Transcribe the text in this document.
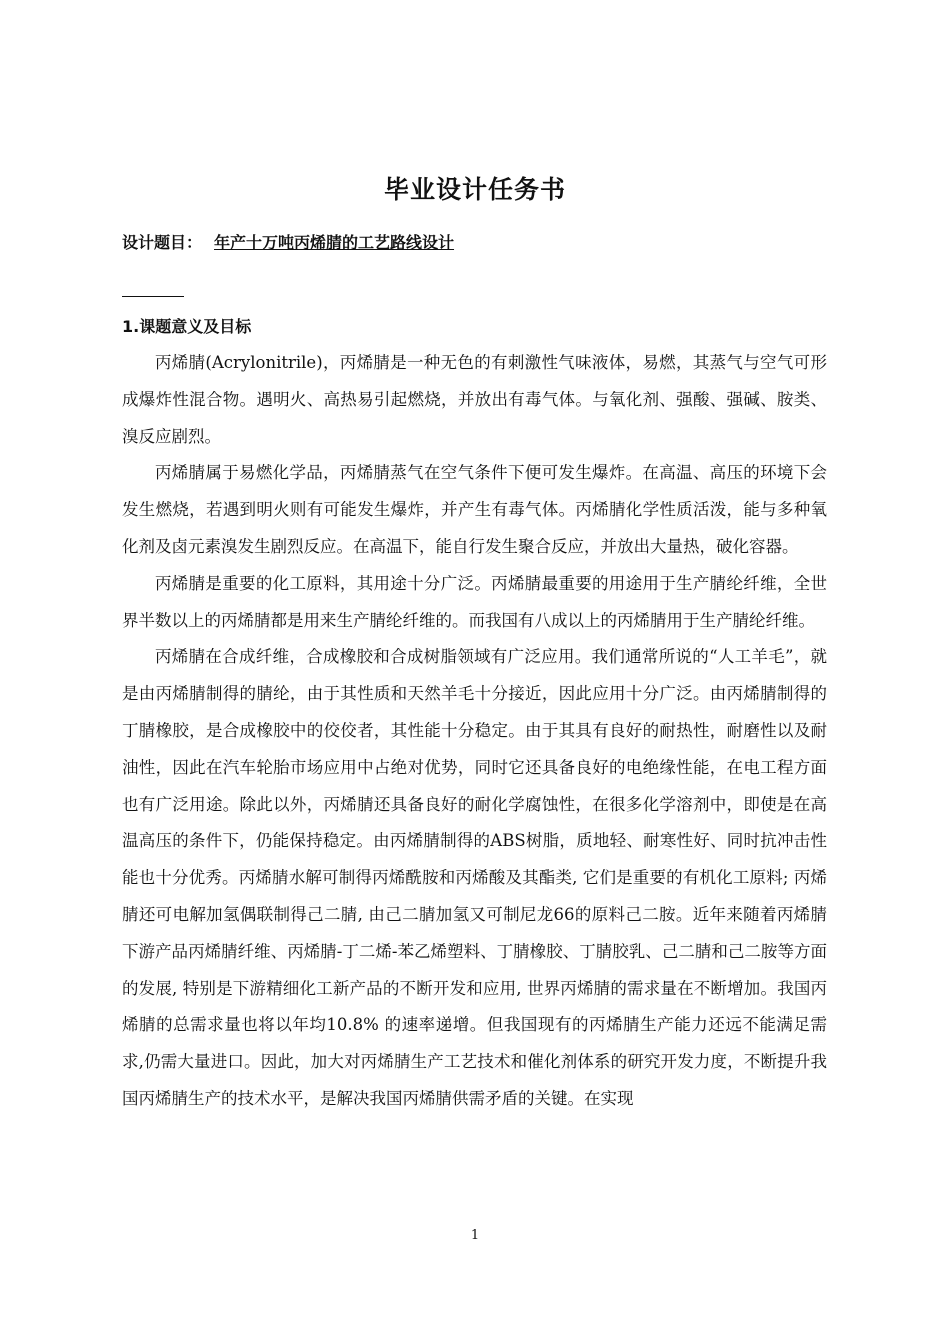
毕业设计任务书
设计题目： 年产十万吨丙烯腈的工艺路线设计
1.课题意义及目标

丙烯腈(Acrylonitrile)，丙烯腈是一种无色的有刺激性气味液体，易燃，其蒸气与空气可形成爆炸性混合物。遇明火、高热易引起燃烧，并放出有毒气体。与氧化剂、强酸、强碱、胺类、溴反应剧烈。

丙烯腈属于易燃化学品，丙烯腈蒸气在空气条件下便可发生爆炸。在高温、高压的环境下会发生燃烧，若遇到明火则有可能发生爆炸，并产生有毒气体。丙烯腈化学性质活泼，能与多种氧化剂及卤元素溴发生剧烈反应。在高温下，能自行发生聚合反应，并放出大量热，破化容器。

丙烯腈是重要的化工原料，其用途十分广泛。丙烯腈最重要的用途用于生产腈纶纤维，全世界半数以上的丙烯腈都是用来生产腈纶纤维的。而我国有八成以上的丙烯腈用于生产腈纶纤维。

丙烯腈在合成纤维，合成橡胶和合成树脂领域有广泛应用。我们通常所说的“人工羊毛”，就是由丙烯腈制得的腈纶，由于其性质和天然羊毛十分接近，因此应用十分广泛。由丙烯腈制得的丁腈橡胶，是合成橡胶中的佼佼者，其性能十分稳定。由于其具有良好的耐热性，耐磨性以及耐油性，因此在汽车轮胎市场应用中占绝对优势，同时它还具备良好的电绝缘性能，在电工程方面也有广泛用途。除此以外，丙烯腈还具备良好的耐化学腐蚀性，在很多化学溶剂中，即使是在高温高压的条件下，仍能保持稳定。由丙烯腈制得的ABS树脂，质地轻、耐寒性好、同时抗冲击性能也十分优秀。丙烯腈水解可制得丙烯酰胺和丙烯酸及其酯类, 它们是重要的有机化工原料; 丙烯腈还可电解加氢偶联制得己二腈, 由己二腈加氢又可制尼龙66的原料己二胺。近年来随着丙烯腈下游产品丙烯腈纤维、丙烯腈-丁二烯-苯乙烯塑料、丁腈橡胶、丁腈胶乳、己二腈和己二胺等方面的发展, 特别是下游精细化工新产品的不断开发和应用, 世界丙烯腈的需求量在不断增加。我国丙烯腈的总需求量也将以年均10.8% 的速率递增。但我国现有的丙烯腈生产能力还远不能满足需求,仍需大量进口。因此，加大对丙烯腈生产工艺技术和催化剂体系的研究开发力度，不断提升我国丙烯腈生产的技术水平，是解决我国丙烯腈供需矛盾的关键。在实现

1
